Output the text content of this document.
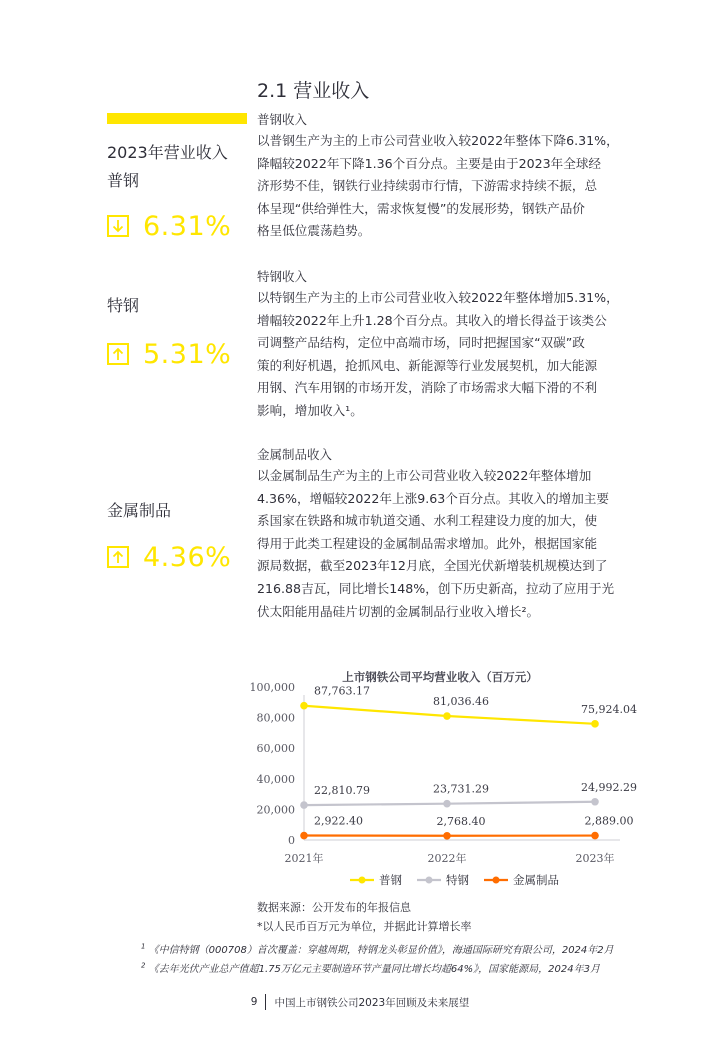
2.1 营业收入
2023年营业收入
普钢
6.31%
特钢
5.31%
金属制品
4.36%
普钢收入
以普钢生产为主的上市公司营业收入较2022年整体下降6.31%，
降幅较2022年下降1.36个百分点。主要是由于2023年全球经
济形势不佳，钢铁行业持续弱市行情，下游需求持续不振，总
体呈现“供给弹性大，需求恢复慢”的发展形势，钢铁产品价
格呈低位震荡趋势。
特钢收入
以特钢生产为主的上市公司营业收入较2022年整体增加5.31%，
增幅较2022年上升1.28个百分点。其收入的增长得益于该类公
司调整产品结构，定位中高端市场，同时把握国家“双碳”政
策的利好机遇，抢抓风电、新能源等行业发展契机，加大能源
用钢、汽车用钢的市场开发，消除了市场需求大幅下滑的不利
影响，增加收入¹。
金属制品收入
以金属制品生产为主的上市公司营业收入较2022年整体增加
4.36%，增幅较2022年上涨9.63个百分点。其收入的增加主要
系国家在铁路和城市轨道交通、水利工程建设力度的加大，使
得用于此类工程建设的金属制品需求增加。此外，根据国家能
源局数据，截至2023年12月底，全国光伏新增装机规模达到了
216.88吉瓦，同比增长148%，创下历史新高，拉动了应用于光
伏太阳能用晶硅片切割的金属制品行业收入增长²。
上市钢铁公司平均营业收入（百万元）
100,000
80,000
60,000
40,000
20,000
0
2021年	2022年	2023年
87,763.17
81,036.46
75,924.04
22,810.79	23,731.29	24,992.29
2,922.40	2,768.40	2,889.00
普钢	特钢	金属制品
数据来源：公开发布的年报信息
*以人民币百万元为单位，并据此计算增长率
$^1$ 《中信特钢（000708）首次覆盖：穿越周期，特钢龙头彰显价值》，海通国际研究有限公司，2024年2月
$^2$ 《去年光伏产业总产值超1.75万亿元主要制造环节产量同比增长均超64%》，国家能源局，2024年3月
9 中国上市钢铁公司2023年回顾及未来展望
